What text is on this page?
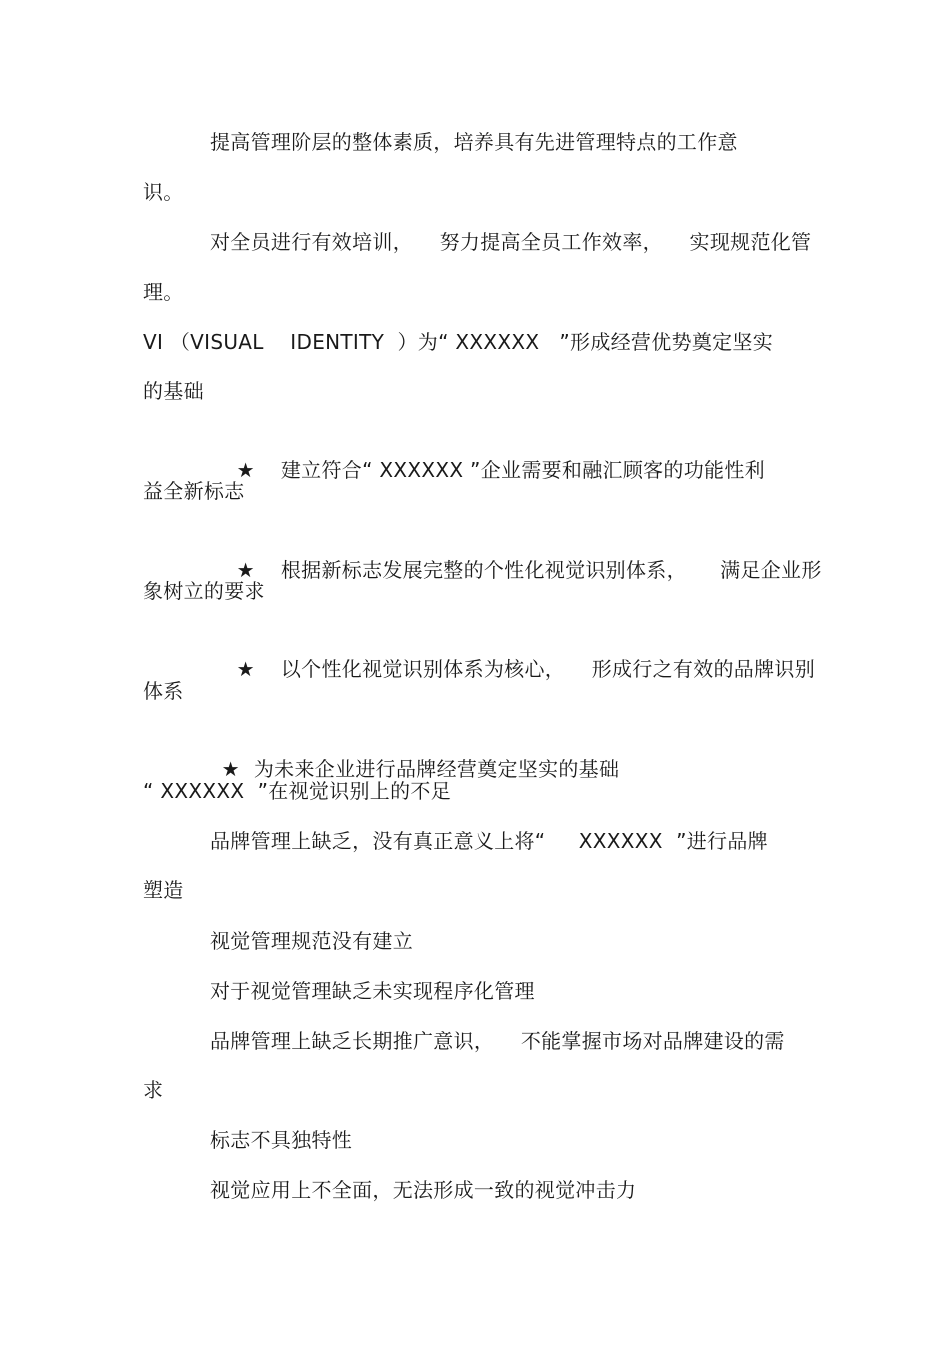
提高管理阶层的整体素质，培养具有先进管理特点的工作意
识。
对全员进行有效培训，    努力提高全员工作效率，    实现规范化管
理。
VI （VISUAL    IDENTITY  ）为“ XXXXXX   ”形成经营优势奠定坚实
的基础

★ 建立符合“ XXXXXX ”企业需要和融汇顾客的功能性利

益全新标志

★ 根据新标志发展完整的个性化视觉识别体系，     满足企业形

象树立的要求

★ 以个性化视觉识别体系为核心，    形成行之有效的品牌识别

体系

★ 为未来企业进行品牌经营奠定坚实的基础

“ XXXXXX  ”在视觉识别上的不足
品牌管理上缺乏，没有真正意义上将“     XXXXXX  ”进行品牌
塑造
视觉管理规范没有建立
对于视觉管理缺乏未实现程序化管理
品牌管理上缺乏长期推广意识，    不能掌握市场对品牌建设的需
求
标志不具独特性
视觉应用上不全面，无法形成一致的视觉冲击力
